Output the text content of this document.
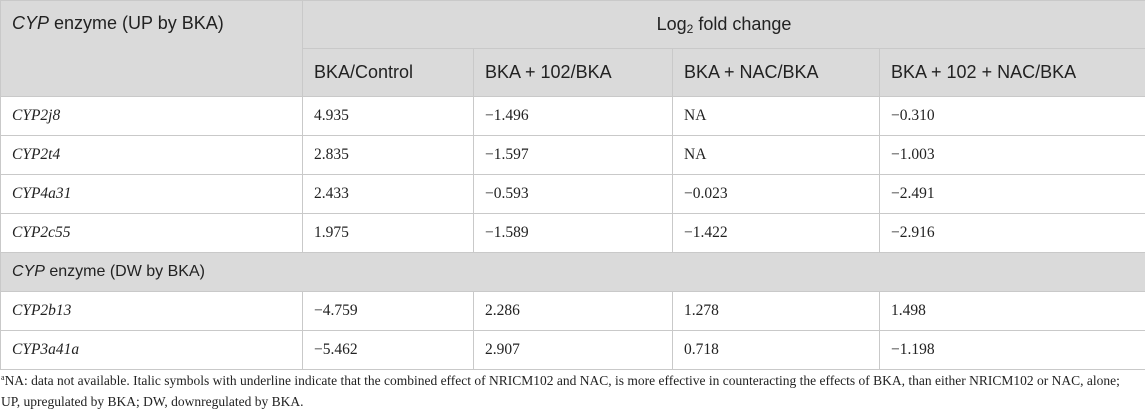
CYP enzyme (UP by BKA)	Log$_2$ fold change			
	BKA/Control	BKA + 102/BKA	BKA + NAC/BKA	BKA + 102 + NAC/BKA
CYP2j8	4.935	−1.496	NA	−0.310
CYP2t4	2.835	−1.597	NA	−1.003
CYP4a31	2.433	−0.593	−0.023	−2.491
CYP2c55	1.975	−1.589	−1.422	−2.916
CYP enzyme (DW by BKA)				
CYP2b13	−4.759	2.286	1.278	1.498
CYP3a41a	−5.462	2.907	0.718	−1.198
$^a$NA: data not available. Italic symbols with underline indicate that the combined effect of NRICM102 and NAC, is more effective in counteracting the effects of BKA, than either NRICM102 or NAC, alone; UP, upregulated by BKA; DW, downregulated by BKA.
